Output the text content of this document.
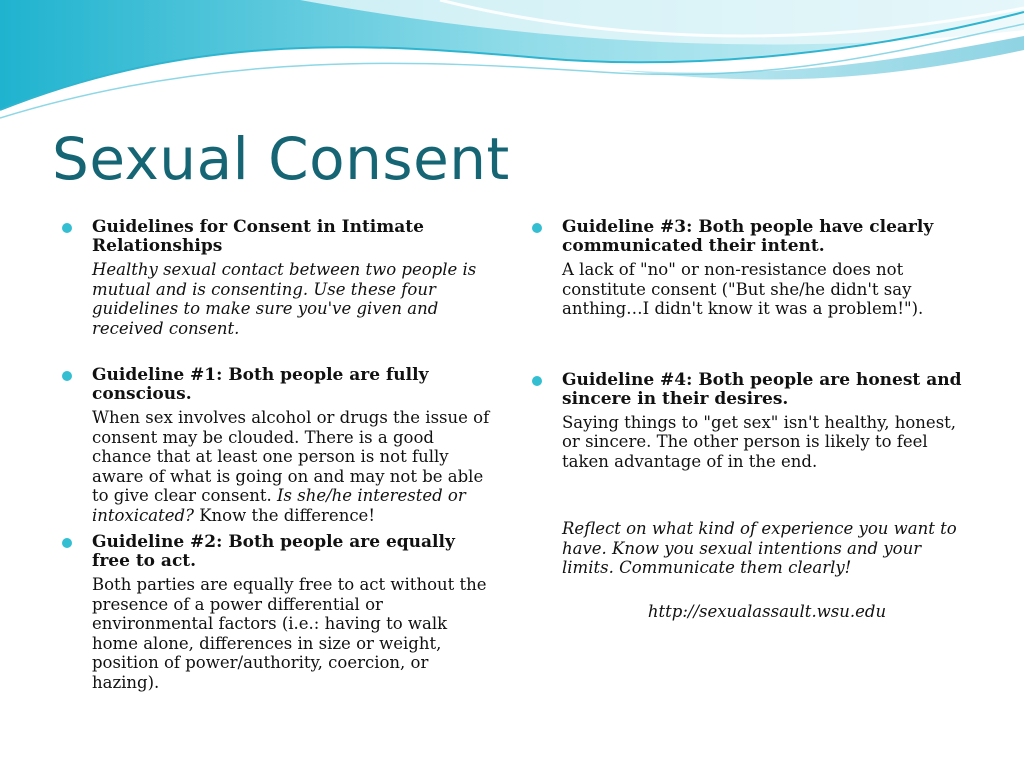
Sexual Consent
Guidelines for Consent in Intimate Relationships
Healthy sexual contact between two people is mutual and is consenting. Use these four guidelines to make sure you've given and received consent.
Guideline #1: Both people are fully conscious.
When sex involves alcohol or drugs the issue of consent may be clouded. There is a good chance that at least one person is not fully aware of what is going on and may not be able to give clear consent. Is she/he interested or intoxicated? Know the difference!
Guideline #2: Both people are equally free to act.
Both parties are equally free to act without the presence of a power differential or environmental factors (i.e.: having to walk home alone, differences in size or weight, position of power/authority, coercion, or hazing).
Guideline #3: Both people have clearly communicated their intent.
A lack of "no" or non-resistance does not constitute consent ("But she/he didn't say anthing…I didn't know it was a problem!").
Guideline #4: Both people are honest and sincere in their desires.
Saying things to "get sex" isn't healthy, honest, or sincere. The other person is likely to feel taken advantage of in the end.
Reflect on what kind of experience you want to have. Know you sexual intentions and your limits. Communicate them clearly!
http://sexualassault.wsu.edu
